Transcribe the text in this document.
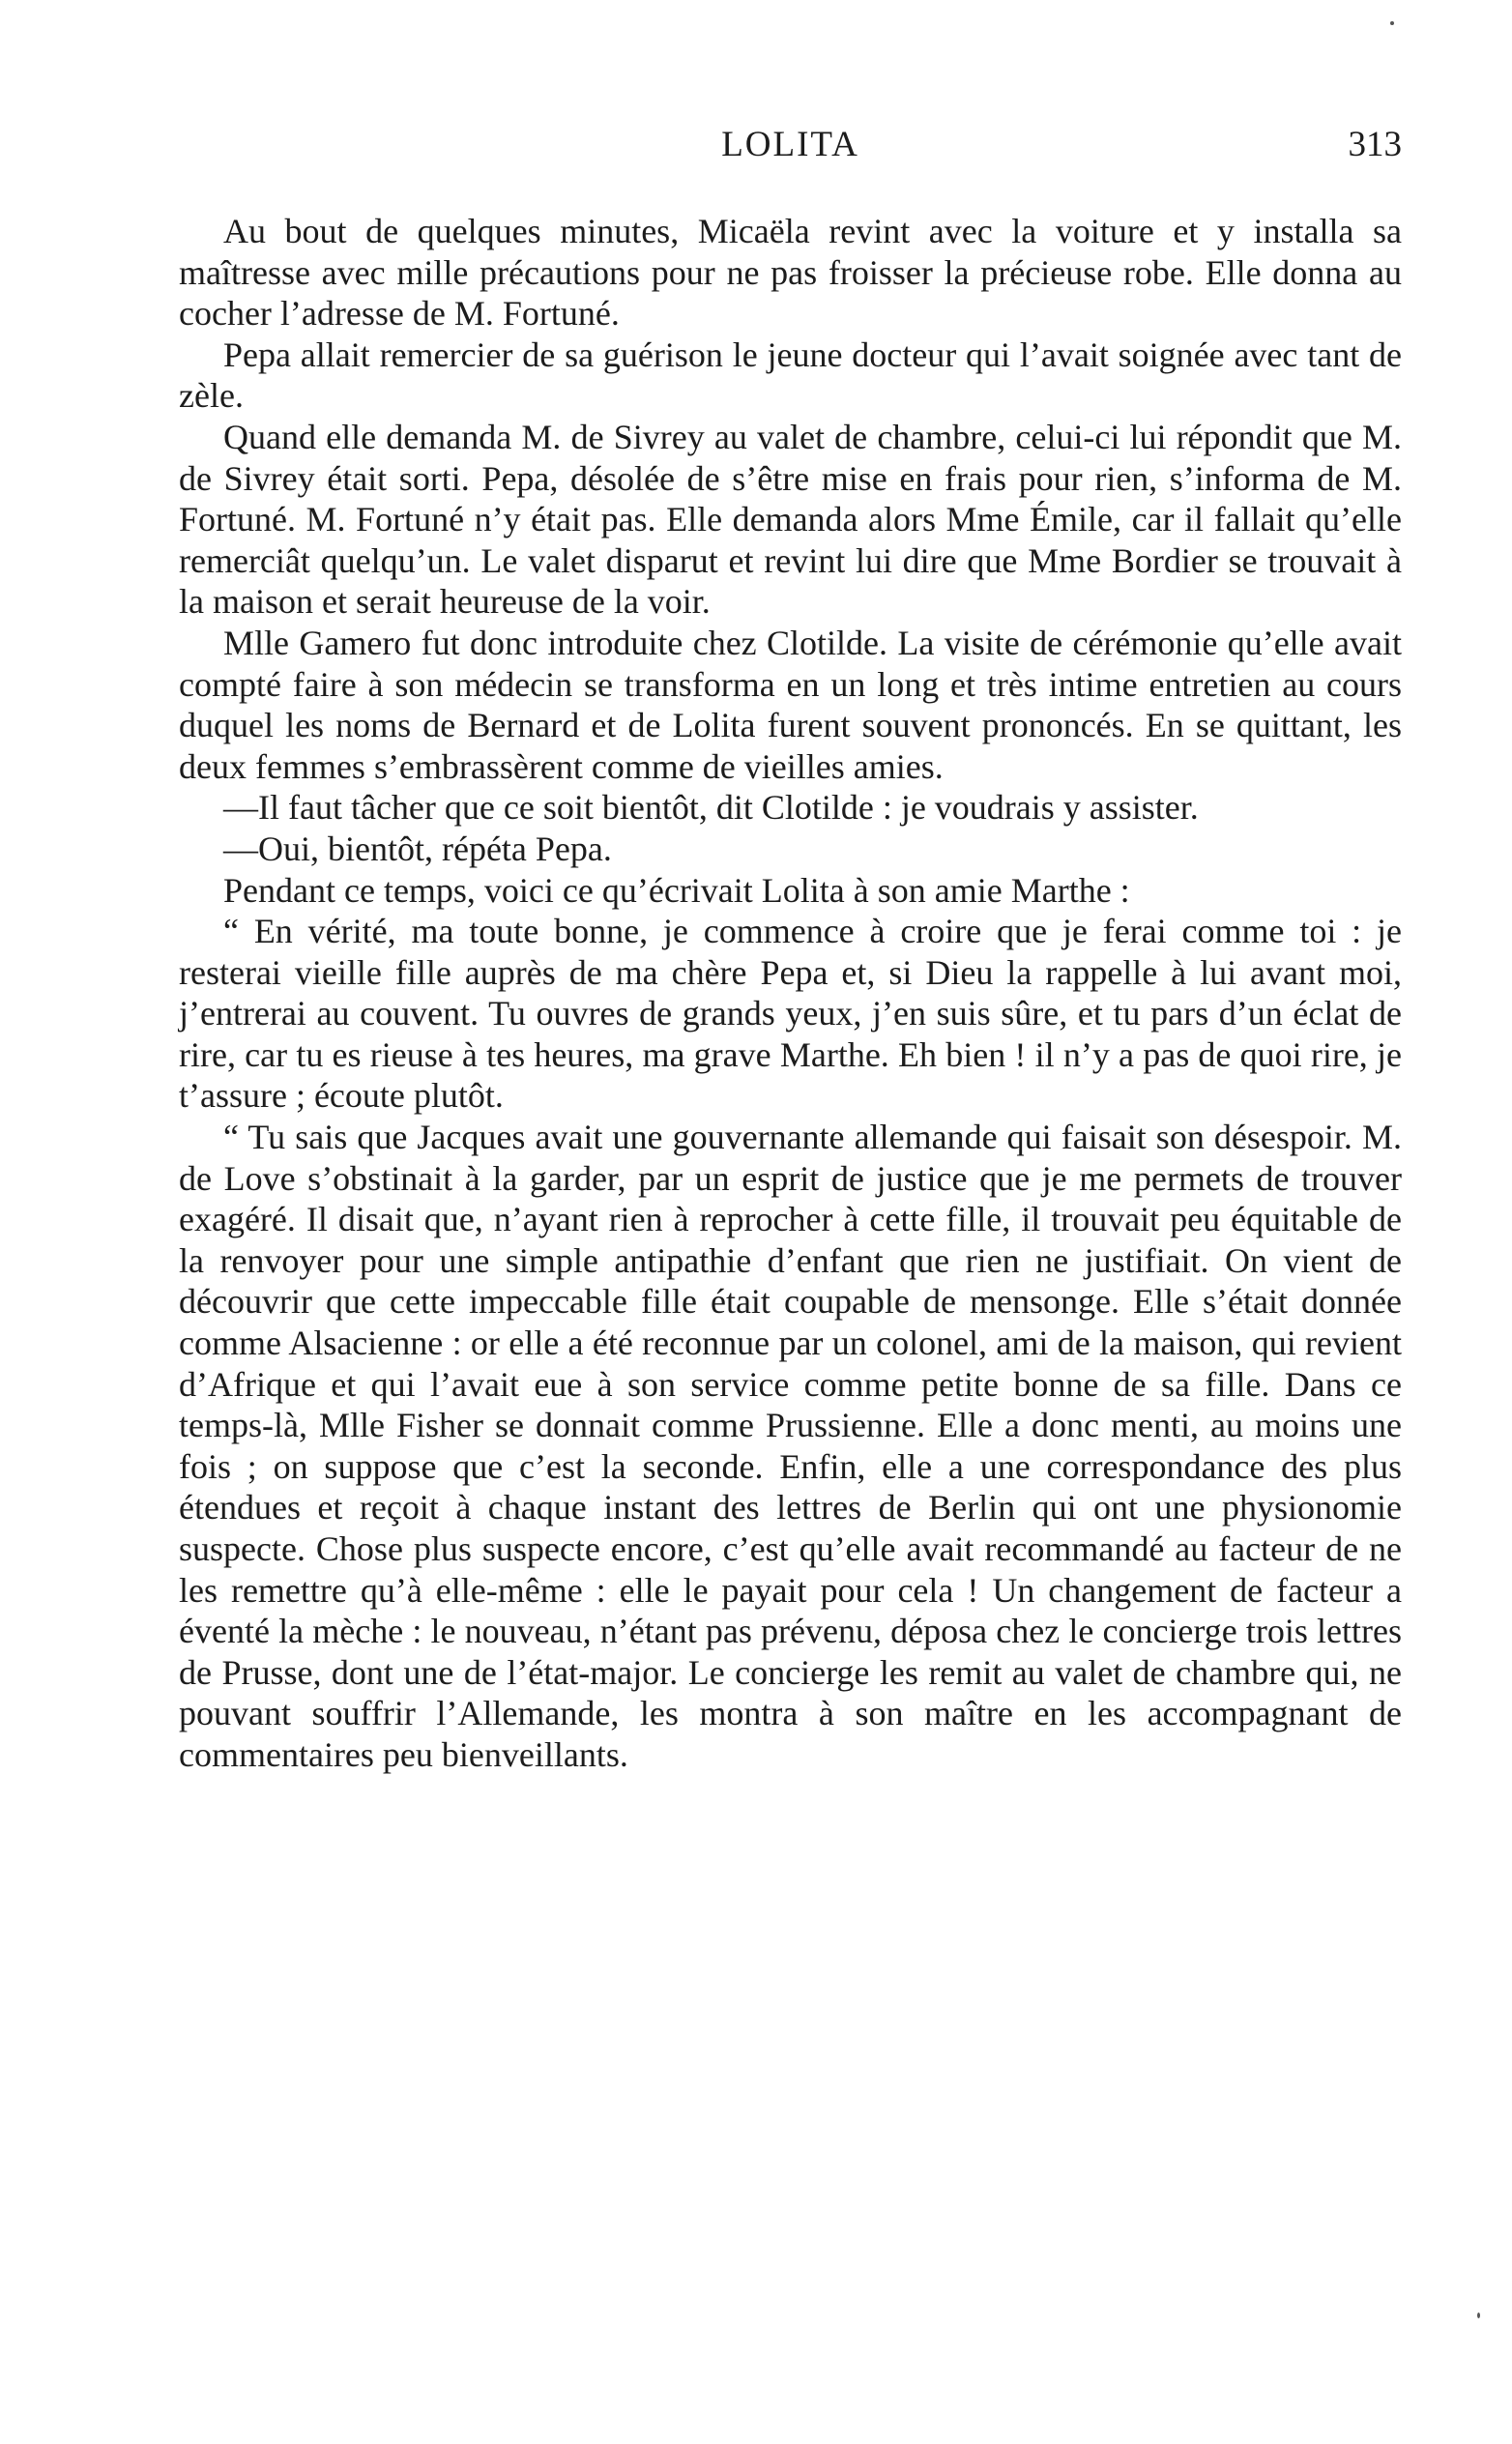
LOLITA	313

Au bout de quelques minutes, Micaëla revint avec la voiture et y installa sa maîtresse avec mille précautions pour ne pas froisser la précieuse robe. Elle donna au cocher l’adresse de M. Fortuné.

Pepa allait remercier de sa guérison le jeune docteur qui l’avait soignée avec tant de zèle.

Quand elle demanda M. de Sivrey au valet de chambre, celui-ci lui répondit que M. de Sivrey était sorti. Pepa, désolée de s’être mise en frais pour rien, s’informa de M. Fortuné. M. Fortuné n’y était pas. Elle demanda alors Mme Émile, car il fallait qu’elle remerciât quelqu’un. Le valet disparut et revint lui dire que Mme Bordier se trouvait à la maison et serait heureuse de la voir.

Mlle Gamero fut donc introduite chez Clotilde. La visite de cérémonie qu’elle avait compté faire à son médecin se transforma en un long et très intime entretien au cours duquel les noms de Bernard et de Lolita furent souvent prononcés. En se quittant, les deux femmes s’embrassèrent comme de vieilles amies.

—Il faut tâcher que ce soit bientôt, dit Clotilde : je voudrais y assister.

—Oui, bientôt, répéta Pepa.

Pendant ce temps, voici ce qu’écrivait Lolita à son amie Marthe :

“ En vérité, ma toute bonne, je commence à croire que je ferai comme toi : je resterai vieille fille auprès de ma chère Pepa et, si Dieu la rappelle à lui avant moi, j’entrerai au couvent. Tu ouvres de grands yeux, j’en suis sûre, et tu pars d’un éclat de rire, car tu es rieuse à tes heures, ma grave Marthe. Eh bien ! il n’y a pas de quoi rire, je t’assure ; écoute plutôt.

“ Tu sais que Jacques avait une gouvernante allemande qui faisait son désespoir. M. de Love s’obstinait à la garder, par un esprit de justice que je me permets de trouver exagéré. Il disait que, n’ayant rien à reprocher à cette fille, il trouvait peu équitable de la renvoyer pour une simple antipathie d’enfant que rien ne justifiait. On vient de découvrir que cette impeccable fille était coupable de mensonge. Elle s’était donnée comme Alsacienne : or elle a été reconnue par un colonel, ami de la maison, qui revient d’Afrique et qui l’avait eue à son service comme petite bonne de sa fille. Dans ce temps-là, Mlle Fisher se donnait comme Prussienne. Elle a donc menti, au moins une fois ; on suppose que c’est la seconde. Enfin, elle a une correspondance des plus étendues et reçoit à chaque instant des lettres de Berlin qui ont une physionomie suspecte. Chose plus suspecte encore, c’est qu’elle avait recommandé au facteur de ne les remettre qu’à elle-même : elle le payait pour cela ! Un changement de facteur a éventé la mèche : le nouveau, n’étant pas prévenu, déposa chez le concierge trois lettres de Prusse, dont une de l’état-major. Le concierge les remit au valet de chambre qui, ne pouvant souffrir l’Allemande, les montra à son maître en les accompagnant de commentaires peu bienveillants.
